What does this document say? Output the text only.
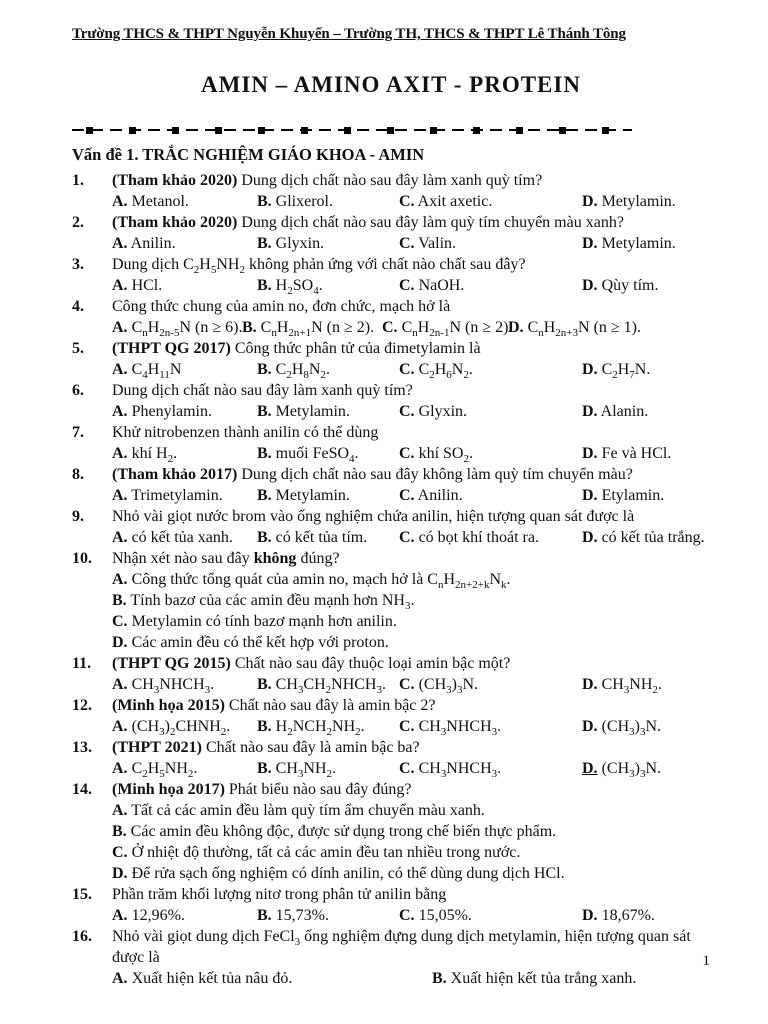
Trường THCS & THPT Nguyễn Khuyến – Trường TH, THCS & THPT Lê Thánh Tông
AMIN – AMINO AXIT - PROTEIN
Vấn đề 1. TRẮC NGHIỆM GIÁO KHOA - AMIN
1.	(Tham khảo 2020) Dung dịch chất nào sau đây làm xanh quỳ tím?
A. Metanol.	B. Glixerol.	C. Axit axetic.	D. Metylamin.
2.	(Tham khảo 2020) Dung dịch chất nào sau đây làm quỳ tím chuyển màu xanh?
A. Anilin.	B. Glyxin.	C. Valin.	D. Metylamin.
3.	Dung dịch $C_2H_5NH_2$ không phản ứng với chất nào chất sau đây?
A. HCl.	B. $H_2SO_4$.	C. NaOH.	D. Qùy tím.
4.	Công thức chung của amin no, đơn chức, mạch hở là
A. $C_nH_{2n-5}N$ (n ≥ 6). B. $C_nH_{2n+1}N$ (n ≥ 2). C. $C_nH_{2n-1}N$ (n ≥ 2).
D. $C_nH_{2n+3}N$ (n ≥ 1).
5.	(THPT QG 2017) Công thức phân tử của đimetylamin là
A. $C_4H_{11}N$	B. $C_2H_8N_2$.	C. $C_2H_6N_2$.	D. $C_2H_7N$.
6.	Dung dịch chất nào sau đây làm xanh quỳ tím?
A. Phenylamin.	B. Metylamin.	C. Glyxin.	D. Alanin.
7.	Khử nitrobenzen thành anilin có thể dùng
A. khí $H_2$.	B. muối FeSO$_4$.	C. khí $SO_2$.	D. Fe và HCl.
8.	(Tham khảo 2017) Dung dịch chất nào sau đây không làm quỳ tím chuyển màu?
A. Trimetylamin.	B. Metylamin.	C. Anilin.	D. Etylamin.
9.	Nhỏ vài giọt nước brom vào ống nghiệm chứa anilin, hiện tượng quan sát được là
A. có kết tủa xanh.	B. có kết tủa tím.	C. có bọt khí thoát ra.	D. có kết tủa trắng.
10.	Nhận xét nào sau đây không đúng?
A. Công thức tổng quát của amin no, mạch hở là $C_nH_{2n+2+k}N_k$.
B. Tính bazơ của các amin đều mạnh hơn $NH_3$.
C. Metylamin có tính bazơ mạnh hơn anilin.
D. Các amin đều có thể kết hợp với proton.
11.	(THPT QG 2015) Chất nào sau đây thuộc loại amin bậc một?
A. $CH_3NHCH_3$.	B. $CH_3CH_2NHCH_3$. C. $(CH_3)_3N$.	D. $CH_3NH_2$.
12.	(Minh họa 2015) Chất nào sau đây là amin bậc 2?
A. $(CH_3)_2CHNH_2$.	B. $H_2NCH_2NH_2$.	C. $CH_3NHCH_3$.	D. $(CH_3)_3N$.
13.	(THPT 2021) Chất nào sau đây là amin bậc ba?
A. $C_2H_5NH_2$.	B. $CH_3NH_2$.	C. $CH_3NHCH_3$.	D. $(CH_3)_3N$.
14.	(Minh họa 2017) Phát biểu nào sau đây đúng?
A. Tất cả các amin đều làm quỳ tím ẩm chuyển màu xanh.
B. Các amin đều không độc, được sử dụng trong chế biến thực phẩm.
C. Ở nhiệt độ thường, tất cả các amin đều tan nhiều trong nước.
D. Để rửa sạch ống nghiệm có dính anilin, có thể dùng dung dịch HCl.
15.	Phần trăm khối lượng nitơ trong phân tử anilin bằng
A. 12,96%.	B. 15,73%.	C. 15,05%.	D. 18,67%.
16.	Nhỏ vài giọt dung dịch FeCl$_3$ ống nghiệm đựng dung dịch metylamin, hiện tượng quan sát được là
A. Xuất hiện kết tủa nâu đỏ.	B. Xuất hiện kết tủa trắng xanh.
1
